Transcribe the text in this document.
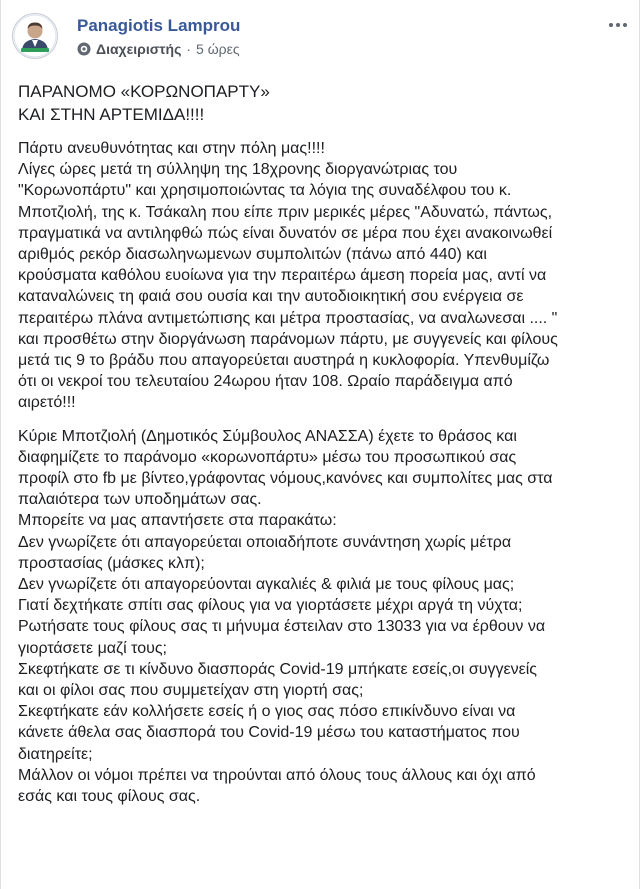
Panagiotis Lamprou
Διαχειριστής · 5 ώρες
ΠΑΡΑΝΟΜΟ «ΚΟΡΩΝΟΠΑΡΤΥ»
ΚΑΙ ΣΤΗΝ ΑΡΤΕΜΙΔΑ!!!!
Πάρτυ ανευθυνότητας και στην πόλη μας!!!!
Λίγες ώρες μετά τη σύλληψη της 18χρονης διοργανώτριας του
"Κορωνοπάρτυ" και χρησιμοποιώντας τα λόγια της συναδέλφου του κ.
Μποτζιολή, της κ. Τσάκαλη που είπε πριν μερικές μέρες "Αδυνατώ, πάντως,
πραγματικά να αντιληφθώ πώς είναι δυνατόν σε μέρα που έχει ανακοινωθεί
αριθμός ρεκόρ διασωληνωμενων συμπολιτών (πάνω από 440) και
κρούσματα καθόλου ευοίωνα για την περαιτέρω άμεση πορεία μας, αντί να
καταναλώνεις τη φαιά σου ουσία και την αυτοδιοικητική σου ενέργεια σε
περαιτέρω πλάνα αντιμετώπισης και μέτρα προστασίας, να αναλωνεσαι .... "
και προσθέτω στην διοργάνωση παράνομων πάρτυ, με συγγενείς και φίλους
μετά τις 9 το βράδυ που απαγορεύεται αυστηρά η κυκλοφορία. Υπενθυμίζω
ότι οι νεκροί του τελευταίου 24ωρου ήταν 108. Ωραίο παράδειγμα από
αιρετό!!!
Κύριε Μποτζιολή (Δημοτικός Σύμβουλος ΑΝΑΣΣΑ) έχετε το θράσος και
διαφημίζετε το παράνομο «κορωνοπάρτυ» μέσω του προσωπικού σας
προφίλ στο fb με βίντεο,γράφοντας νόμους,κανόνες και συμπολίτες μας στα
παλαιότερα των υποδημάτων σας.
Μπορείτε να μας απαντήσετε στα παρακάτω:
Δεν γνωρίζετε ότι απαγορεύεται οποιαδήποτε συνάντηση χωρίς μέτρα
προστασίας (μάσκες κλπ);
Δεν γνωρίζετε ότι απαγορεύονται αγκαλιές & φιλιά με τους φίλους μας;
Γιατί δεχτήκατε σπίτι σας φίλους για να γιορτάσετε μέχρι αργά τη νύχτα;
Ρωτήσατε τους φίλους σας τι μήνυμα έστειλαν στο 13033 για να έρθουν να
γιορτάσετε μαζί τους;
Σκεφτήκατε σε τι κίνδυνο διασποράς Covid-19 μπήκατε εσείς,οι συγγενείς
και οι φίλοι σας που συμμετείχαν στη γιορτή σας;
Σκεφτήκατε εάν κολλήσετε εσείς ή ο γιος σας πόσο επικίνδυνο είναι να
κάνετε άθελα σας διασπορά του Covid-19 μέσω του καταστήματος που
διατηρείτε;
Μάλλον οι νόμοι πρέπει να τηρούνται από όλους τους άλλους και όχι από
εσάς και τους φίλους σας.
